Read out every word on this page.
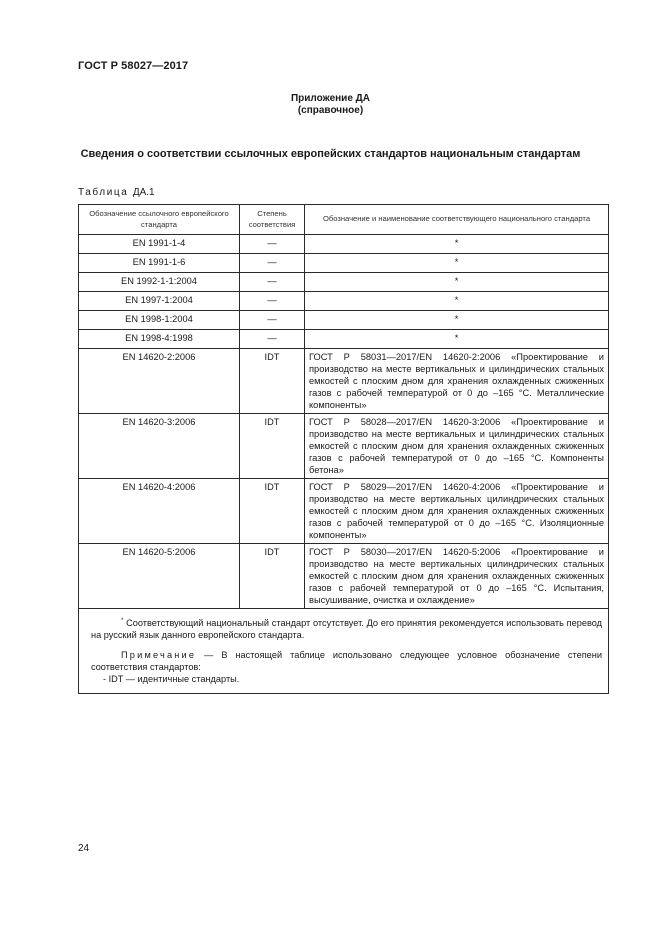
ГОСТ Р 58027—2017
Приложение ДА
(справочное)
Сведения о соответствии ссылочных европейских стандартов национальным стандартам
Таблица ДА.1
Обозначение ссылочного европейского стандарта	Степень соответствия	Обозначение и наименование соответствующего национального стандарта
EN 1991-1-4	—	*
EN 1991-1-6	—	*
EN 1992-1-1:2004	—	*
EN 1997-1:2004	—	*
EN 1998-1:2004	—	*
EN 1998-4:1998	—	*
EN 14620-2:2006	IDT	ГОСТ Р 58031—2017/EN 14620-2:2006 «Проектирование и производство на месте вертикальных и цилиндрических стальных емкостей с плоским дном для хранения охлажденных сжиженных газов с рабочей температурой от 0 до –165 °С. Металлические компоненты»
EN 14620-3:2006	IDT	ГОСТ Р 58028—2017/EN 14620-3:2006 «Проектирование и производство на месте вертикальных и цилиндрических стальных емкостей с плоским дном для хранения охлажденных сжиженных газов с рабочей температурой от 0 до –165 °С. Компоненты бетона»
EN 14620-4:2006	IDT	ГОСТ Р 58029—2017/EN 14620-4:2006 «Проектирование и производство на месте вертикальных цилиндрических стальных емкостей с плоским дном для хранения охлажденных сжиженных газов с рабочей температурой от 0 до –165 °С. Изоляционные компоненты»
EN 14620-5:2006	IDT	ГОСТ Р 58030—2017/EN 14620-5:2006 «Проектирование и производство на месте вертикальных цилиндрических стальных емкостей с плоским дном для хранения охлажденных сжиженных газов с рабочей температурой от 0 до –165 °С. Испытания, высушивание, очистка и охлаждение»

* Соответствующий национальный стандарт отсутствует. До его принятия рекомендуется использовать перевод на русский язык данного европейского стандарта.

Примечание — В настоящей таблице использовано следующее условное обозначение степени соответствия стандартов:

- IDT — идентичные стандарты.		

24
